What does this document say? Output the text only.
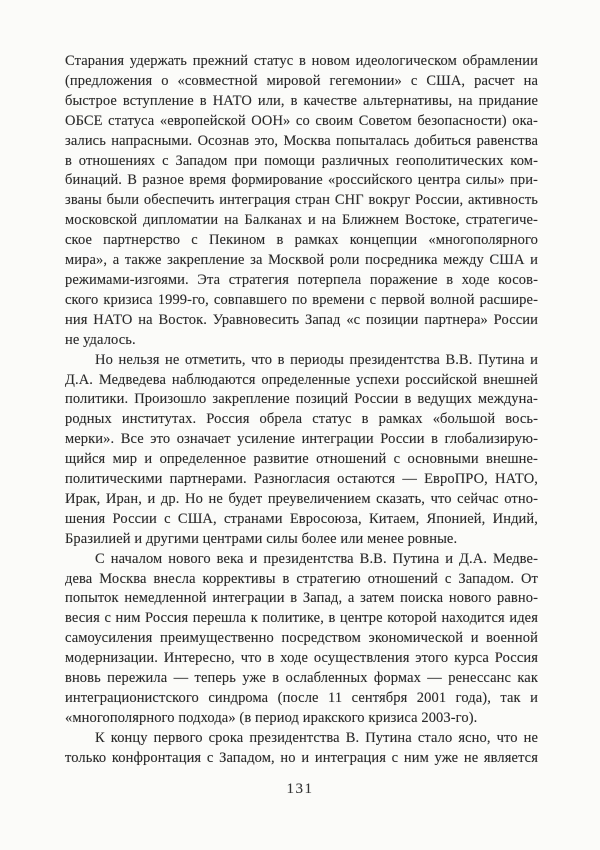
Старания удержать прежний статус в новом идеологическом обрамлении
(предложения о «совместной мировой гегемонии» с США, расчет на
быстрое вступление в НАТО или, в качестве альтернативы, на придание
ОБСЕ статуса «европейской ООН» со своим Советом безопасности) ока-
зались напрасными. Осознав это, Москва попыталась добиться равенства
в отношениях с Западом при помощи различных геополитических ком-
бинаций. В разное время формирование «российского центра силы» при-
званы были обеспечить интеграция стран СНГ вокруг России, активность
московской дипломатии на Балканах и на Ближнем Востоке, стратегиче-
ское партнерство с Пекином в рамках концепции «многополярного
мира», а также закрепление за Москвой роли посредника между США и
режимами-изгоями. Эта стратегия потерпела поражение в ходе косов-
ского кризиса 1999-го, совпавшего по времени с первой волной расшире-
ния НАТО на Восток. Уравновесить Запад «с позиции партнера» России
не удалось.
Но нельзя не отметить, что в периоды президентства В.В. Путина и
Д.А. Медведева наблюдаются определенные успехи российской внешней
политики. Произошло закрепление позиций России в ведущих междуна-
родных институтах. Россия обрела статус в рамках «большой вось-
мерки». Все это означает усиление интеграции России в глобализирую-
щийся мир и определенное развитие отношений с основными внешне-
политическими партнерами. Разногласия остаются — ЕвроПРО, НАТО,
Ирак, Иран, и др. Но не будет преувеличением сказать, что сейчас отно-
шения России с США, странами Евросоюза, Китаем, Японией, Индий,
Бразилией и другими центрами силы более или менее ровные.
С началом нового века и президентства В.В. Путина и Д.А. Медве-
дева Москва внесла коррективы в стратегию отношений с Западом. От
попыток немедленной интеграции в Запад, а затем поиска нового равно-
весия с ним Россия перешла к политике, в центре которой находится идея
самоусиления преимущественно посредством экономической и военной
модернизации. Интересно, что в ходе осуществления этого курса Россия
вновь пережила — теперь уже в ослабленных формах — ренессанс как
интеграционистского синдрома (после 11 сентября 2001 года), так и
«многополярного подхода» (в период иракского кризиса 2003-го).
К концу первого срока президентства В. Путина стало ясно, что не
только конфронтация с Западом, но и интеграция с ним уже не является
131
